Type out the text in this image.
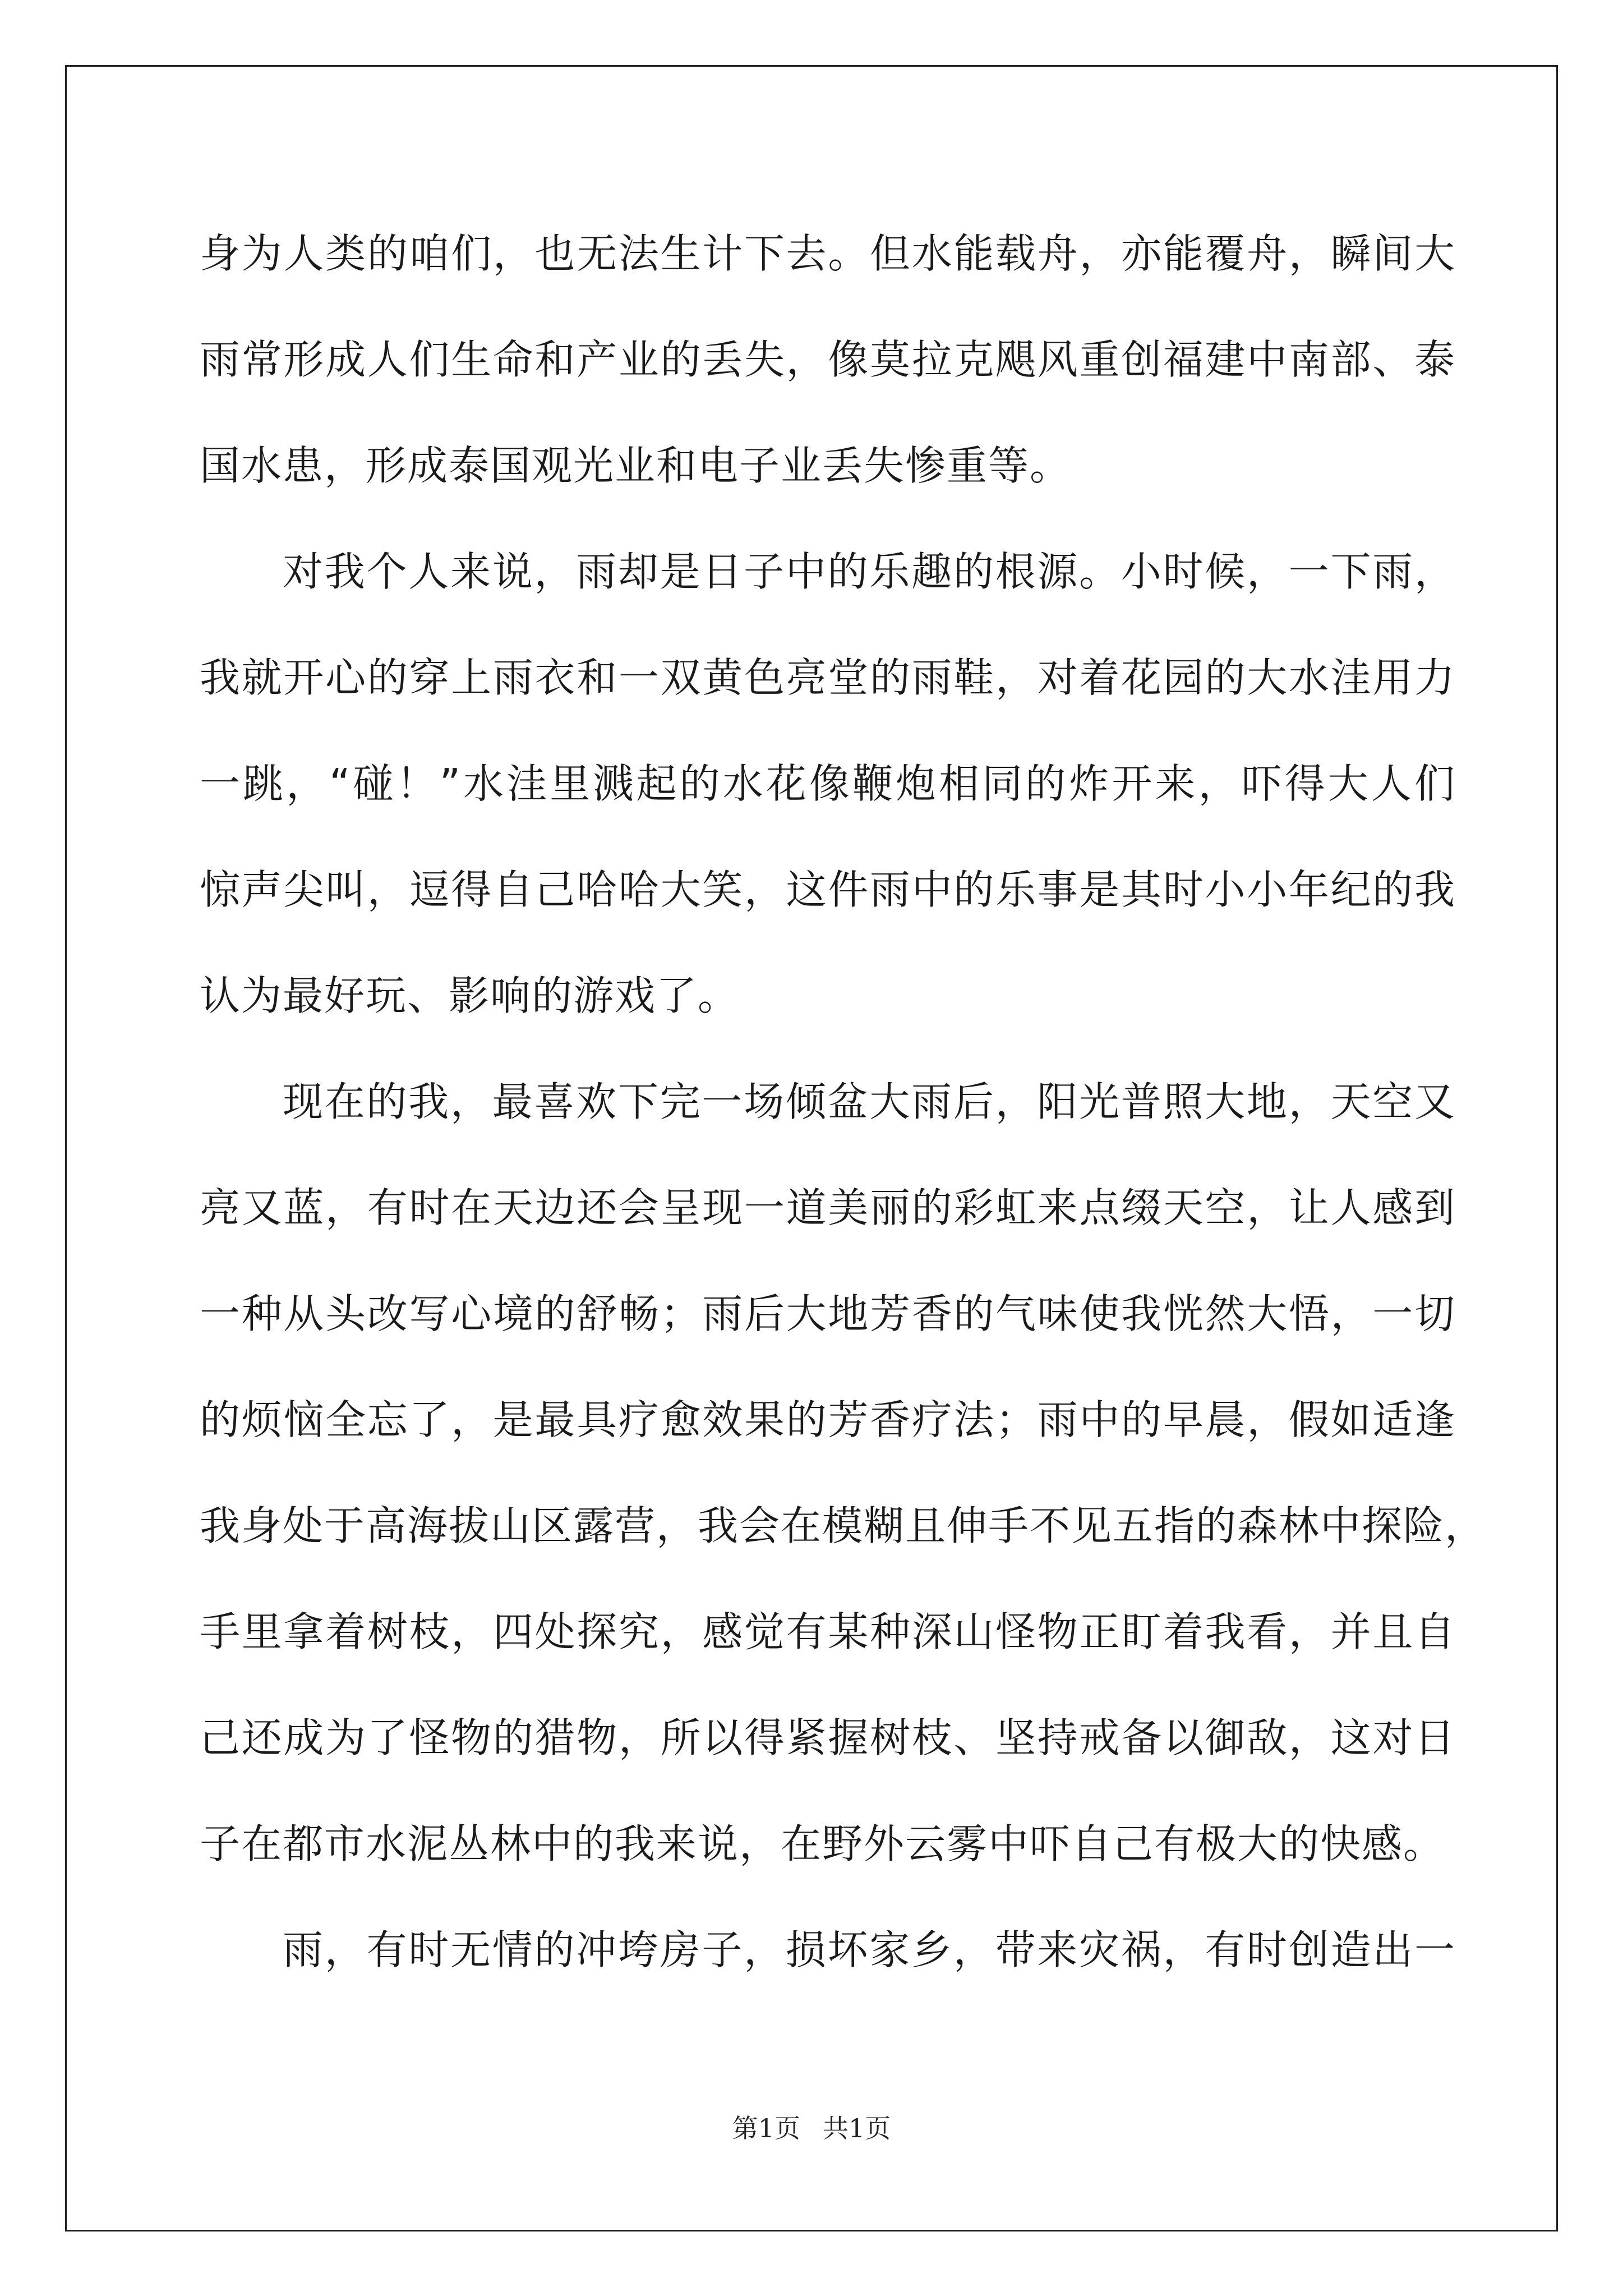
身为人类的咱们，也无法生计下去。但水能载舟，亦能覆舟，瞬间大
雨常形成人们生命和产业的丢失，像莫拉克飓风重创福建中南部、泰
国水患，形成泰国观光业和电子业丢失惨重等。
对我个人来说，雨却是日子中的乐趣的根源。小时候，一下雨，
我就开心的穿上雨衣和一双黄色亮堂的雨鞋，对着花园的大水洼用力
一跳，“碰！”水洼里溅起的水花像鞭炮相同的炸开来，吓得大人们
惊声尖叫，逗得自己哈哈大笑，这件雨中的乐事是其时小小年纪的我
认为最好玩、影响的游戏了。
现在的我，最喜欢下完一场倾盆大雨后，阳光普照大地，天空又
亮又蓝，有时在天边还会呈现一道美丽的彩虹来点缀天空，让人感到
一种从头改写心境的舒畅；雨后大地芳香的气味使我恍然大悟，一切
的烦恼全忘了，是最具疗愈效果的芳香疗法；雨中的早晨，假如适逢
我身处于高海拔山区露营，我会在模糊且伸手不见五指的森林中探险，
手里拿着树枝，四处探究，感觉有某种深山怪物正盯着我看，并且自
己还成为了怪物的猎物，所以得紧握树枝、坚持戒备以御敌，这对日
子在都市水泥丛林中的我来说，在野外云雾中吓自己有极大的快感。
雨，有时无情的冲垮房子，损坏家乡，带来灾祸，有时创造出一
第1页 共1页
